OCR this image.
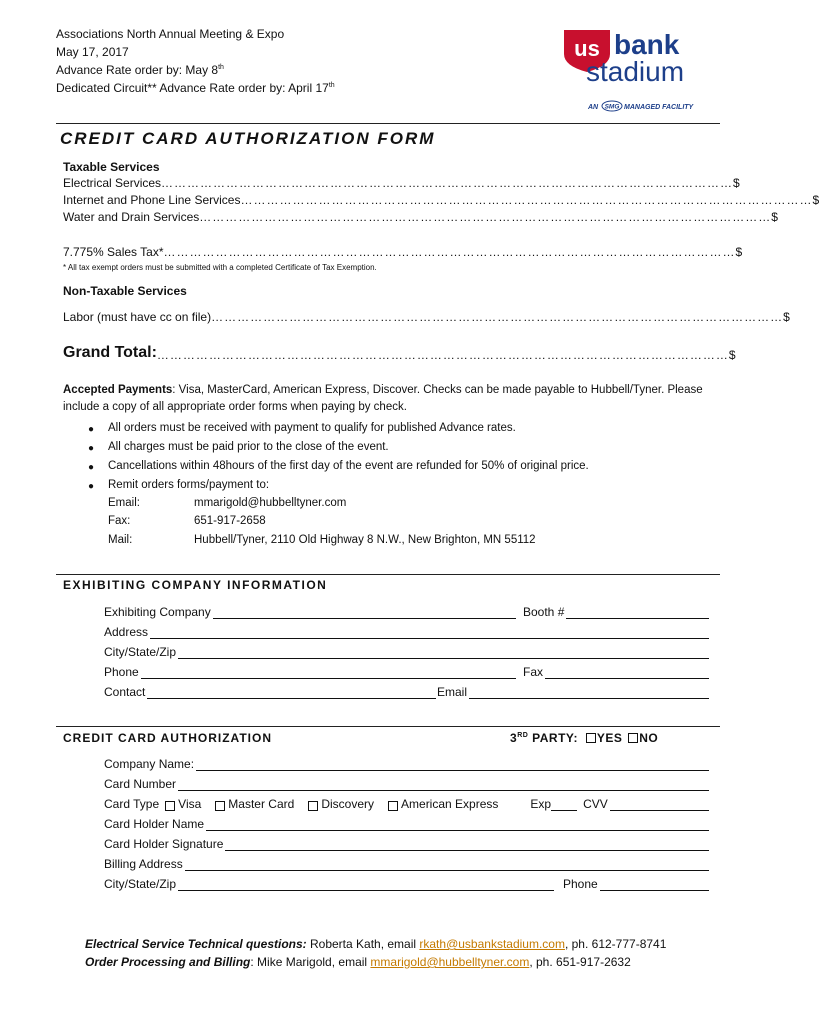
Associations North Annual Meeting & Expo
May 17, 2017
Advance Rate order by: May 8th
Dedicated Circuit** Advance Rate order by: April 17th
us bank
stadium
AN SMG MANAGED FACILITY
CREDIT CARD AUTHORIZATION FORM
Taxable Services
Electrical Services …………………………………………………………………………………………………………………… $
Internet and Phone Line Services …………………………………………………………………………………………………………………… $
Water and Drain Services …………………………………………………………………………………………………………………… $
7.775% Sales Tax* …………………………………………………………………………………………………………………… $
* All tax exempt orders must be submitted with a completed Certificate of Tax Exemption.
Non-Taxable Services
Labor (must have cc on file) …………………………………………………………………………………………………………………… $
Grand Total: …………………………………………………………………………………………………………………… $
Accepted Payments: Visa, MasterCard, American Express, Discover. Checks can be made payable to Hubbell/Tyner. Please include a copy of all appropriate order forms when paying by check.
● All orders must be received with payment to qualify for published Advance rates.
● All charges must be paid prior to the close of the event.
● Cancellations within 48hours of the first day of the event are refunded for 50% of original price.
● Remit orders forms/payment to:
Email:	mmarigold@hubbelltyner.com
Fax:	651-917-2658
Mail:	Hubbell/Tyner, 2110 Old Highway 8 N.W., New Brighton, MN 55112
EXHIBITING COMPANY INFORMATION
Exhibiting Company	Booth #
Address
City/State/Zip
Phone	Fax
Contact	Email
CREDIT CARD AUTHORIZATION	3RD PARTY: YES NO
Company Name:
Card Number
Card Type Visa Master Card Discovery American Express	Exp	CVV
Card Holder Name
Card Holder Signature
Billing Address
City/State/Zip	Phone
Electrical Service Technical questions: Roberta Kath, email rkath@usbankstadium.com, ph. 612-777-8741
Order Processing and Billing: Mike Marigold, email mmarigold@hubbelltyner.com, ph. 651-917-2632
